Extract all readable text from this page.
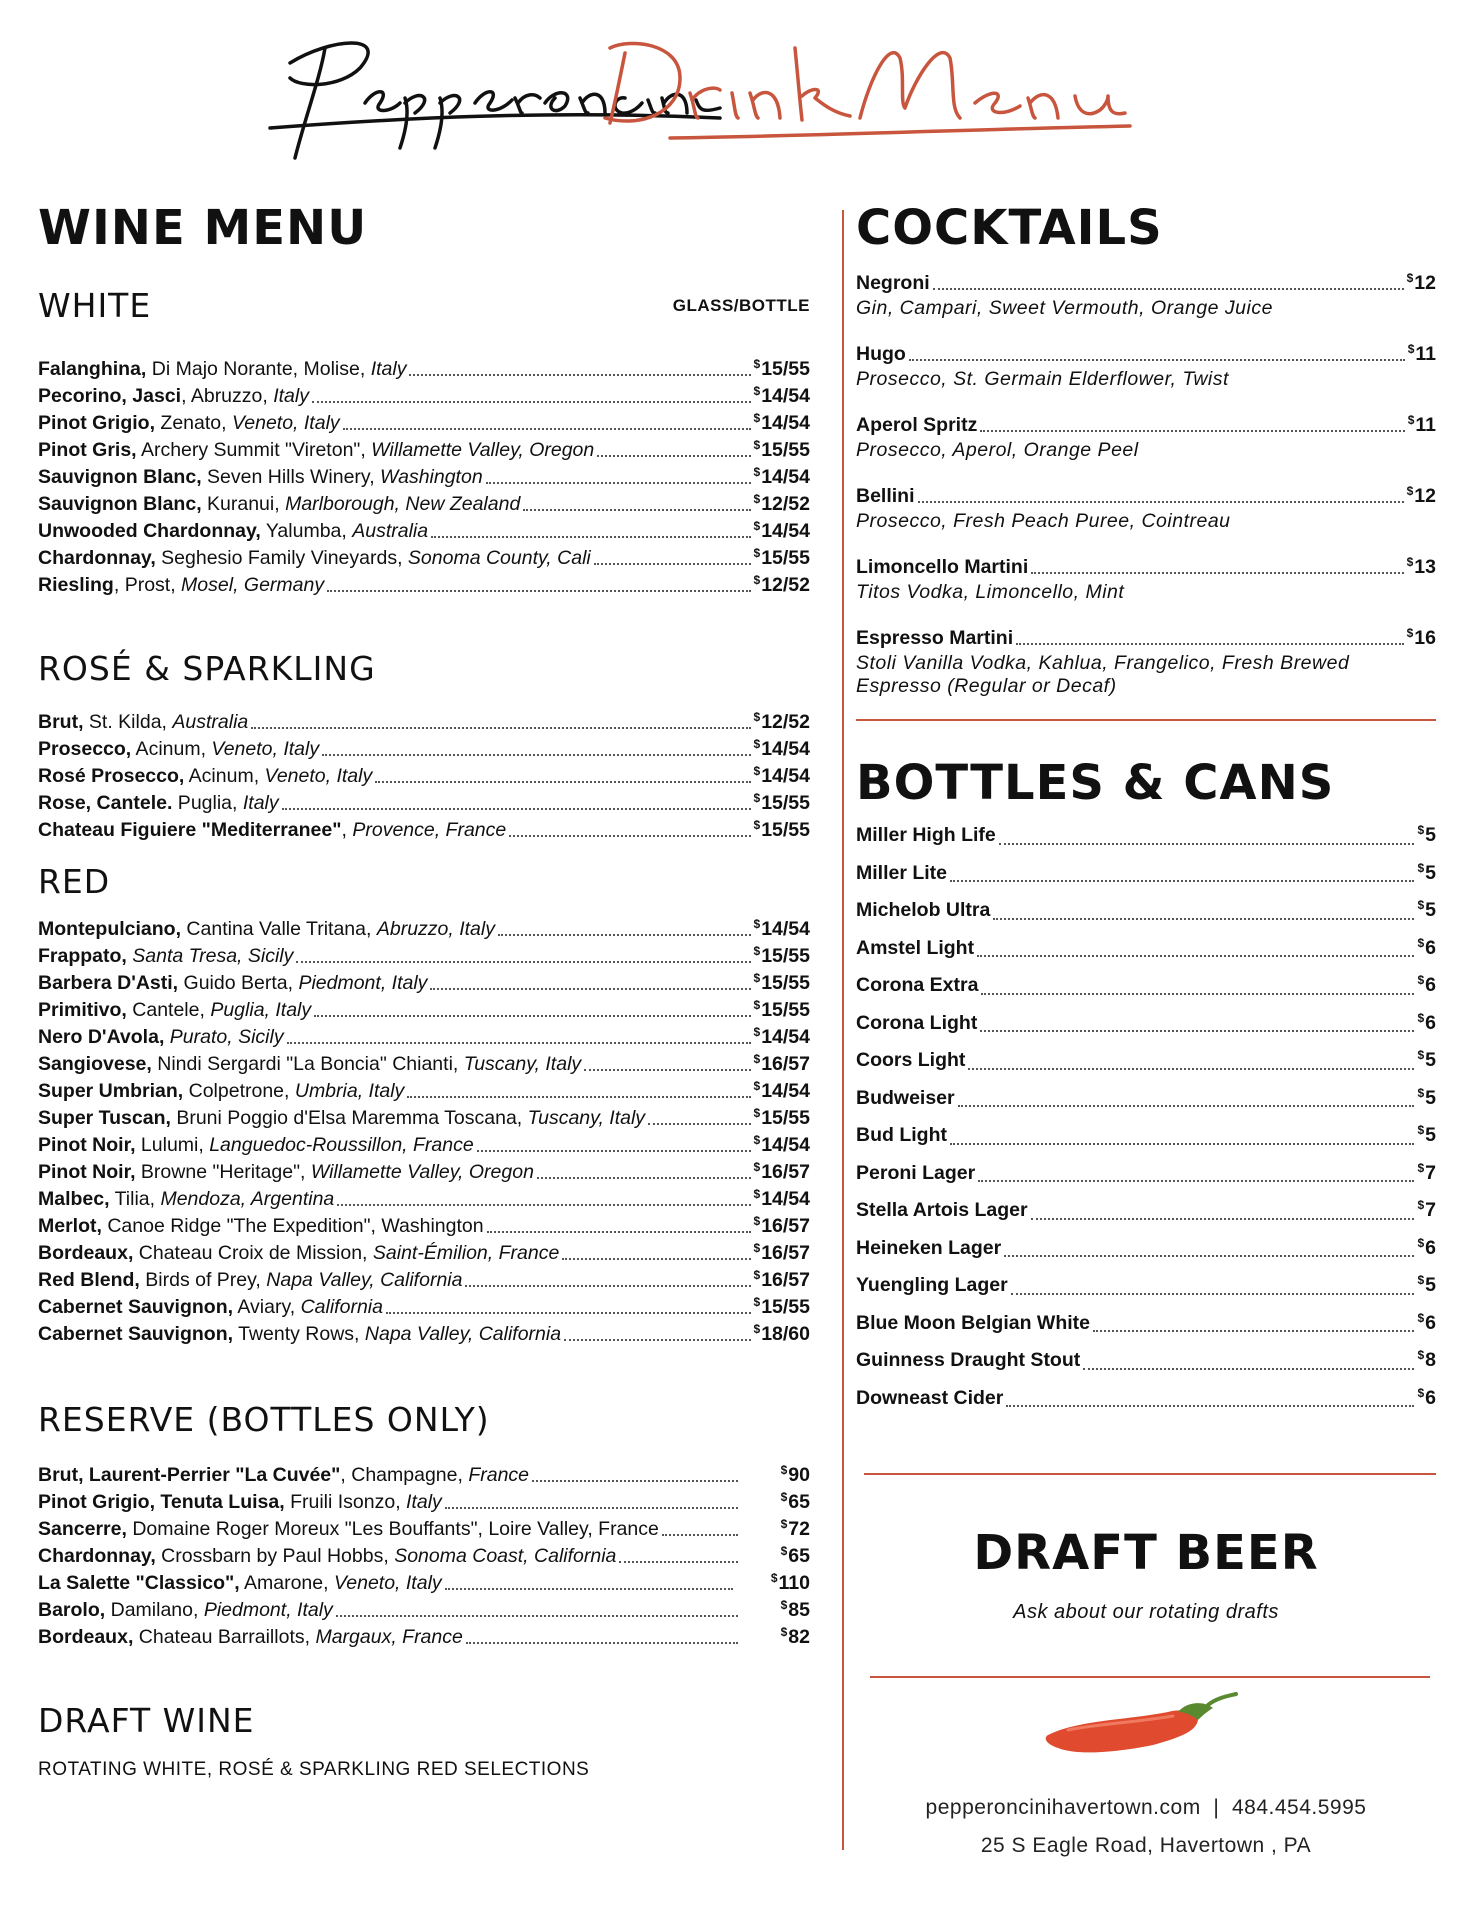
WINE MENU
WHITE	GLASS/BOTTLE
Falanghina, Di Majo Norante, Molise, Italy	$15/55
Pecorino, Jasci, Abruzzo, Italy	$14/54
Pinot Grigio, Zenato, Veneto, Italy	$14/54
Pinot Gris, Archery Summit "Vireton", Willamette Valley, Oregon	$15/55
Sauvignon Blanc, Seven Hills Winery, Washington	$14/54
Sauvignon Blanc, Kuranui, Marlborough, New Zealand	$12/52
Unwooded Chardonnay, Yalumba, Australia	$14/54
Chardonnay, Seghesio Family Vineyards, Sonoma County, Cali	$15/55
Riesling, Prost, Mosel, Germany	$12/52
ROSÉ & SPARKLING
Brut, St. Kilda, Australia	$12/52
Prosecco, Acinum, Veneto, Italy	$14/54
Rosé Prosecco, Acinum, Veneto, Italy	$14/54
Rose, Cantele. Puglia, Italy	$15/55
Chateau Figuiere "Mediterranee", Provence, France	$15/55
RED
Montepulciano, Cantina Valle Tritana, Abruzzo, Italy	$14/54
Frappato, Santa Tresa, Sicily	$15/55
Barbera D'Asti, Guido Berta, Piedmont, Italy	$15/55
Primitivo, Cantele, Puglia, Italy	$15/55
Nero D'Avola, Purato, Sicily	$14/54
Sangiovese, Nindi Sergardi "La Boncia" Chianti, Tuscany, Italy	$16/57
Super Umbrian, Colpetrone, Umbria, Italy	$14/54
Super Tuscan, Bruni Poggio d'Elsa Maremma Toscana, Tuscany, Italy	$15/55
Pinot Noir, Lulumi, Languedoc-Roussillon, France	$14/54
Pinot Noir, Browne "Heritage", Willamette Valley, Oregon	$16/57
Malbec, Tilia, Mendoza, Argentina	$14/54
Merlot, Canoe Ridge "The Expedition", Washington	$16/57
Bordeaux, Chateau Croix de Mission, Saint-Émilion, France	$16/57
Red Blend, Birds of Prey, Napa Valley, California	$16/57
Cabernet Sauvignon, Aviary, California	$15/55
Cabernet Sauvignon, Twenty Rows, Napa Valley, California	$18/60
RESERVE (BOTTLES ONLY)
Brut, Laurent-Perrier "La Cuvée", Champagne, France	$90
Pinot Grigio, Tenuta Luisa, Fruili Isonzo, Italy	$65
Sancerre, Domaine Roger Moreux "Les Bouffants", Loire Valley, France	$72
Chardonnay, Crossbarn by Paul Hobbs, Sonoma Coast, California	$65
La Salette "Classico", Amarone, Veneto, Italy	$110
Barolo, Damilano, Piedmont, Italy	$85
Bordeaux, Chateau Barraillots, Margaux, France	$82
DRAFT WINE
ROTATING WHITE, ROSÉ & SPARKLING RED SELECTIONS
COCKTAILS
Negroni	$12
Gin, Campari, Sweet Vermouth, Orange Juice
Hugo	$11
Prosecco, St. Germain Elderflower, Twist
Aperol Spritz	$11
Prosecco, Aperol, Orange Peel
Bellini	$12
Prosecco, Fresh Peach Puree, Cointreau
Limoncello Martini	$13
Titos Vodka, Limoncello, Mint
Espresso Martini	$16
Stoli Vanilla Vodka, Kahlua, Frangelico, Fresh Brewed
Espresso (Regular or Decaf)
BOTTLES & CANS
Miller High Life	$5
Miller Lite	$5
Michelob Ultra	$5
Amstel Light	$6
Corona Extra	$6
Corona Light	$6
Coors Light	$5
Budweiser	$5
Bud Light	$5
Peroni Lager	$7
Stella Artois Lager	$7
Heineken Lager	$6
Yuengling Lager	$5
Blue Moon Belgian White	$6
Guinness Draught Stout	$8
Downeast Cider	$6
DRAFT BEER
Ask about our rotating drafts
pepperoncinihavertown.com | 484.454.5995
25 S Eagle Road, Havertown , PA
